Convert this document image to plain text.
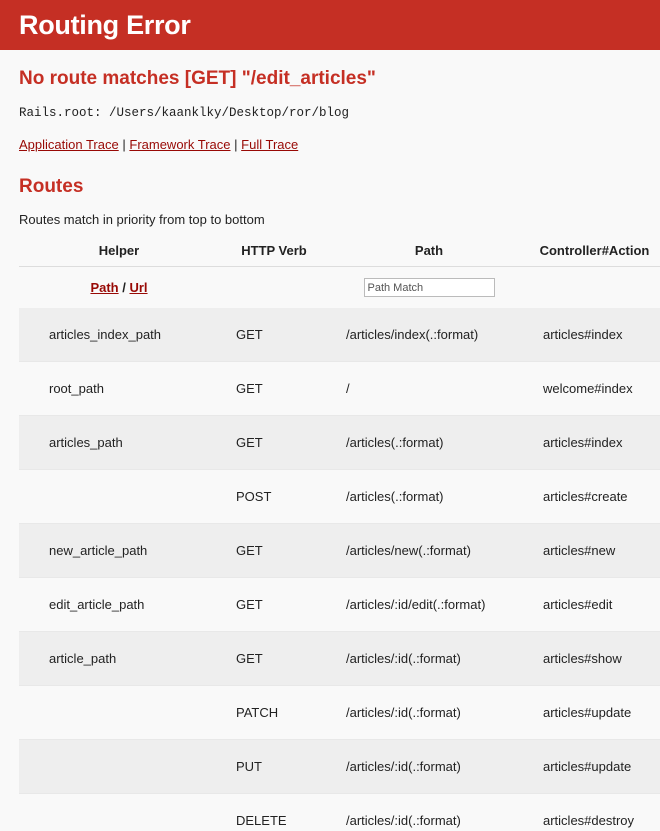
Routing Error
No route matches [GET] "/edit_articles"
Rails.root: /Users/kaanklky/Desktop/ror/blog
Application Trace | Framework Trace | Full Trace
Routes
Routes match in priority from top to bottom
Helper	HTTP Verb	Path	Controller#Action
Path / Url		Path Match	
articles_index_path	GET	/articles/index(.:format)	articles#index
root_path	GET	/	welcome#index
articles_path	GET	/articles(.:format)	articles#index
	POST	/articles(.:format)	articles#create
new_article_path	GET	/articles/new(.:format)	articles#new
edit_article_path	GET	/articles/:id/edit(.:format)	articles#edit
article_path	GET	/articles/:id(.:format)	articles#show
	PATCH	/articles/:id(.:format)	articles#update
	PUT	/articles/:id(.:format)	articles#update
	DELETE	/articles/:id(.:format)	articles#destroy
